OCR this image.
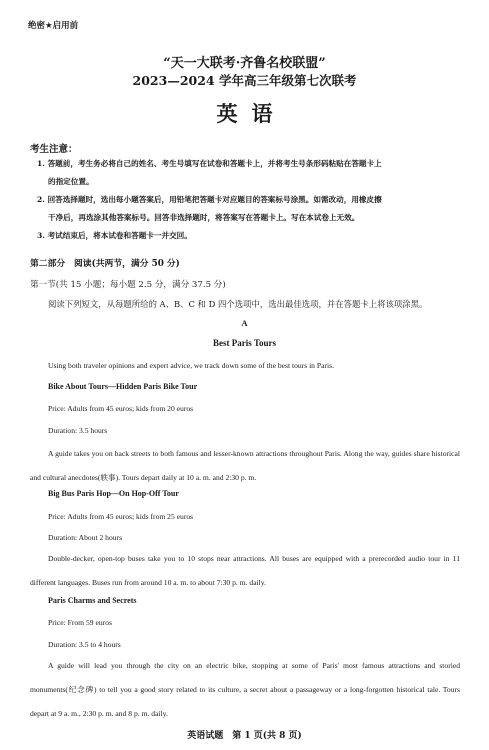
绝密★启用前
“天一大联考·齐鲁名校联盟”
2023—2024 学年高三年级第七次联考
英语
考生注意：
1. 答题前，考生务必将自己的姓名、考生号填写在试卷和答题卡上，并将考生号条形码粘贴在答题卡上
的指定位置。
2. 回答选择题时，选出每小题答案后，用铅笔把答题卡对应题目的答案标号涂黑。如需改动，用橡皮擦
干净后，再选涂其他答案标号。回答非选择题时，将答案写在答题卡上。写在本试卷上无效。
3. 考试结束后，将本试卷和答题卡一并交回。
第二部分　阅读(共两节，满分 50 分)
第一节(共 15 小题；每小题 2.5 分，满分 37.5 分)
阅读下列短文，从每题所给的 A、B、C 和 D 四个选项中，选出最佳选项，并在答题卡上将该项涂黑。
A
Best Paris Tours
Using both traveler opinions and expert advice, we track down some of the best tours in Paris.
Bike About Tours—Hidden Paris Bike Tour
Price: Adults from 45 euros; kids from 20 euros
Duration: 3.5 hours
A guide takes you on back streets to both famous and lesser-known attractions throughout Paris. Along the way, guides share historical and cultural anecdotes(轶事). Tours depart daily at 10 a. m. and 2:30 p. m.
Big Bus Paris Hop—On Hop-Off Tour
Price: Adults from 45 euros; kids from 25 euros
Duration: About 2 hours
Double-decker, open-top buses take you to 10 stops near attractions. All buses are equipped with a prerecorded audio tour in 11 different languages. Buses run from around 10 a. m. to about 7:30 p. m. daily.
Paris Charms and Secrets
Price: From 59 euros
Duration: 3.5 to 4 hours
A guide will lead you through the city on an electric bike, stopping at some of Paris' most famous attractions and storied monuments(纪念碑) to tell you a good story related to its culture, a secret about a passageway or a long-forgotten historical tale. Tours depart at 9 a. m., 2:30 p. m. and 8 p. m. daily.
英语试题　第 1 页(共 8 页)
